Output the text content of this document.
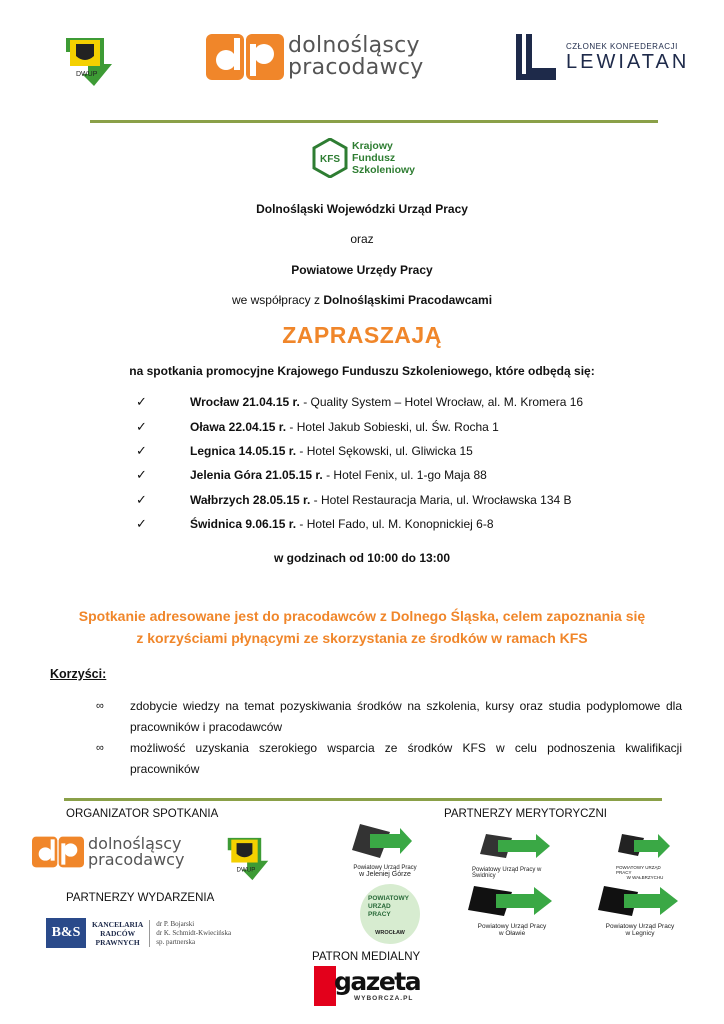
DWUP
dolnośląscy
pracodawcy
CZŁONEK KONFEDERACJI
LEWIATAN
KFS
Krajowy
Fundusz
Szkoleniowy
Dolnośląski Wojewódzki Urząd Pracy
oraz
Powiatowe Urzędy Pracy
we współpracy z Dolnośląskimi Pracodawcami
ZAPRASZAJĄ
na spotkania promocyjne Krajowego Funduszu Szkoleniowego, które odbędą się:
✓	Wrocław 21.04.15 r. - Quality System – Hotel Wrocław, al. M. Kromera 16
✓	Oława 22.04.15 r. - Hotel Jakub Sobieski, ul. Św. Rocha 1
✓	Legnica 14.05.15 r. - Hotel Sękowski, ul. Gliwicka 15
✓	Jelenia Góra 21.05.15 r. - Hotel Fenix, ul. 1-go Maja 88
✓	Wałbrzych 28.05.15 r. - Hotel Restauracja Maria, ul. Wrocławska 134 B
✓	Świdnica 9.06.15 r. - Hotel Fado, ul. M. Konopnickiej 6-8
w godzinach od 10:00 do 13:00
Spotkanie adresowane jest do pracodawców z Dolnego Śląska, celem zapoznania się
z korzyściami płynącymi ze skorzystania ze środków w ramach KFS
Korzyści:
∞	zdobycie wiedzy na temat pozyskiwania środków na szkolenia, kursy oraz studia podyplomowe dla pracowników i pracodawców
∞	możliwość uzyskania szerokiego wsparcia ze środków KFS w celu podnoszenia kwalifikacji pracowników
ORGANIZATOR SPOTKANIA	PARTNERZY MERYTORYCZNI
dolnośląscy
pracodawcy
DWUP	Powiatowy Urząd Pracy
w Jeleniej Górze
Powiatowy Urząd Pracy w Świdnicy
POWIATOWY URZĄD PRACY
W WAŁBRZYCHU
PARTNERZY WYDARZENIA
B&S
KANCELARIA
RADCÓW
PRAWNYCH
dr P. Bojarski
dr K. Schmidt-Kwiecińska
sp. partnerska
POWIATOWY
URZĄD
PRACY
WROCŁAW
Powiatowy Urząd Pracy
w Oławie
Powiatowy Urząd Pracy
w Legnicy
PATRON MEDIALNY
gazeta
WYBORCZA.PL
